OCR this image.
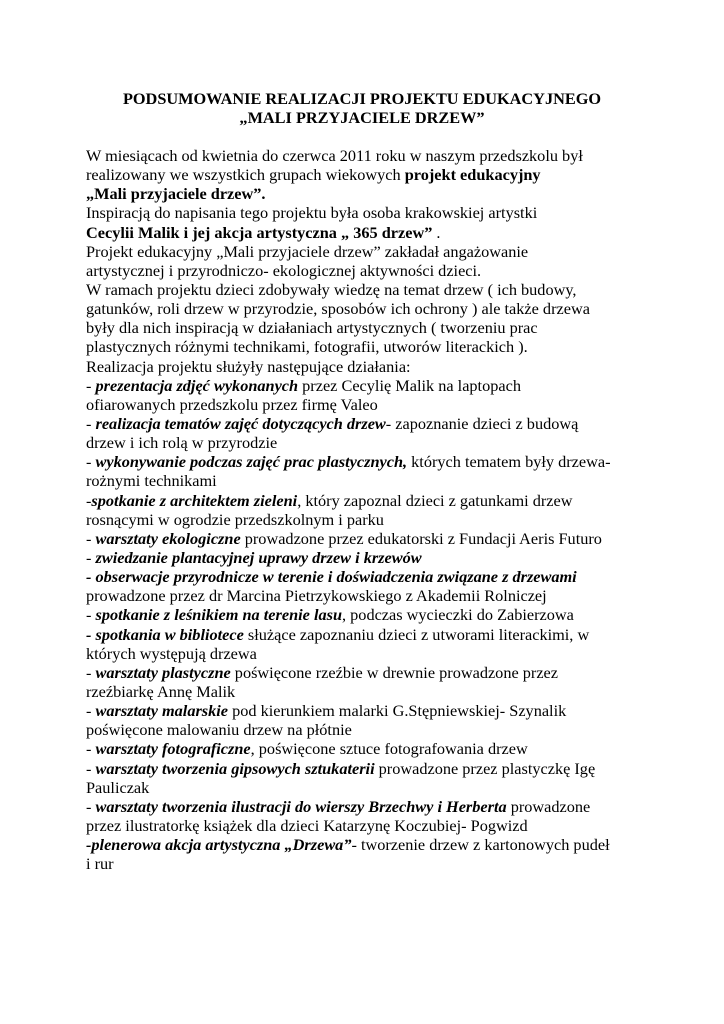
PODSUMOWANIE REALIZACJI PROJEKTU EDUKACYJNEGO
„MALI PRZYJACIELE DRZEW”
W miesiącach od kwietnia do czerwca 2011 roku w naszym przedszkolu był
realizowany we wszystkich grupach wiekowych projekt edukacyjny
„Mali przyjaciele drzew”.
Inspiracją do napisania tego projektu była osoba krakowskiej artystki
Cecylii Malik i jej akcja artystyczna „ 365 drzew” .
Projekt edukacyjny „Mali przyjaciele drzew” zakładał angażowanie
artystycznej i przyrodniczo- ekologicznej aktywności dzieci.
W ramach projektu dzieci zdobywały wiedzę na temat drzew ( ich budowy,
gatunków, roli drzew w przyrodzie, sposobów ich ochrony ) ale także drzewa
były dla nich inspiracją w działaniach artystycznych ( tworzeniu prac
plastycznych różnymi technikami, fotografii, utworów literackich ).
Realizacja projektu służyły następujące działania:
- prezentacja zdjęć wykonanych przez Cecylię Malik na laptopach
ofiarowanych przedszkolu przez firmę Valeo
- realizacja tematów zajęć dotyczących drzew- zapoznanie dzieci z budową
drzew i ich rolą w przyrodzie
- wykonywanie podczas zajęć prac plastycznych, których tematem były drzewa-
rożnymi technikami
-spotkanie z architektem zieleni, który zapoznal dzieci z gatunkami drzew
rosnącymi w ogrodzie przedszkolnym i parku
- warsztaty ekologiczne prowadzone przez edukatorski z Fundacji Aeris Futuro
- zwiedzanie plantacyjnej uprawy drzew i krzewów
- obserwacje przyrodnicze w terenie i doświadczenia związane z drzewami
prowadzone przez dr Marcina Pietrzykowskiego z Akademii Rolniczej
- spotkanie z leśnikiem na terenie lasu, podczas wycieczki do Zabierzowa
- spotkania w bibliotece służące zapoznaniu dzieci z utworami literackimi, w
których występują drzewa
- warsztaty plastyczne poświęcone rzeźbie w drewnie prowadzone przez
rzeźbiarkę Annę Malik
- warsztaty malarskie pod kierunkiem malarki G.Stępniewskiej- Szynalik
poświęcone malowaniu drzew na płótnie
- warsztaty fotograficzne, poświęcone sztuce fotografowania drzew
- warsztaty tworzenia gipsowych sztukaterii prowadzone przez plastyczkę Igę
Pauliczak
- warsztaty tworzenia ilustracji do wierszy Brzechwy i Herberta prowadzone
przez ilustratorkę książek dla dzieci Katarzynę Koczubiej- Pogwizd
-plenerowa akcja artystyczna „Drzewa”- tworzenie drzew z kartonowych pudeł
i rur
